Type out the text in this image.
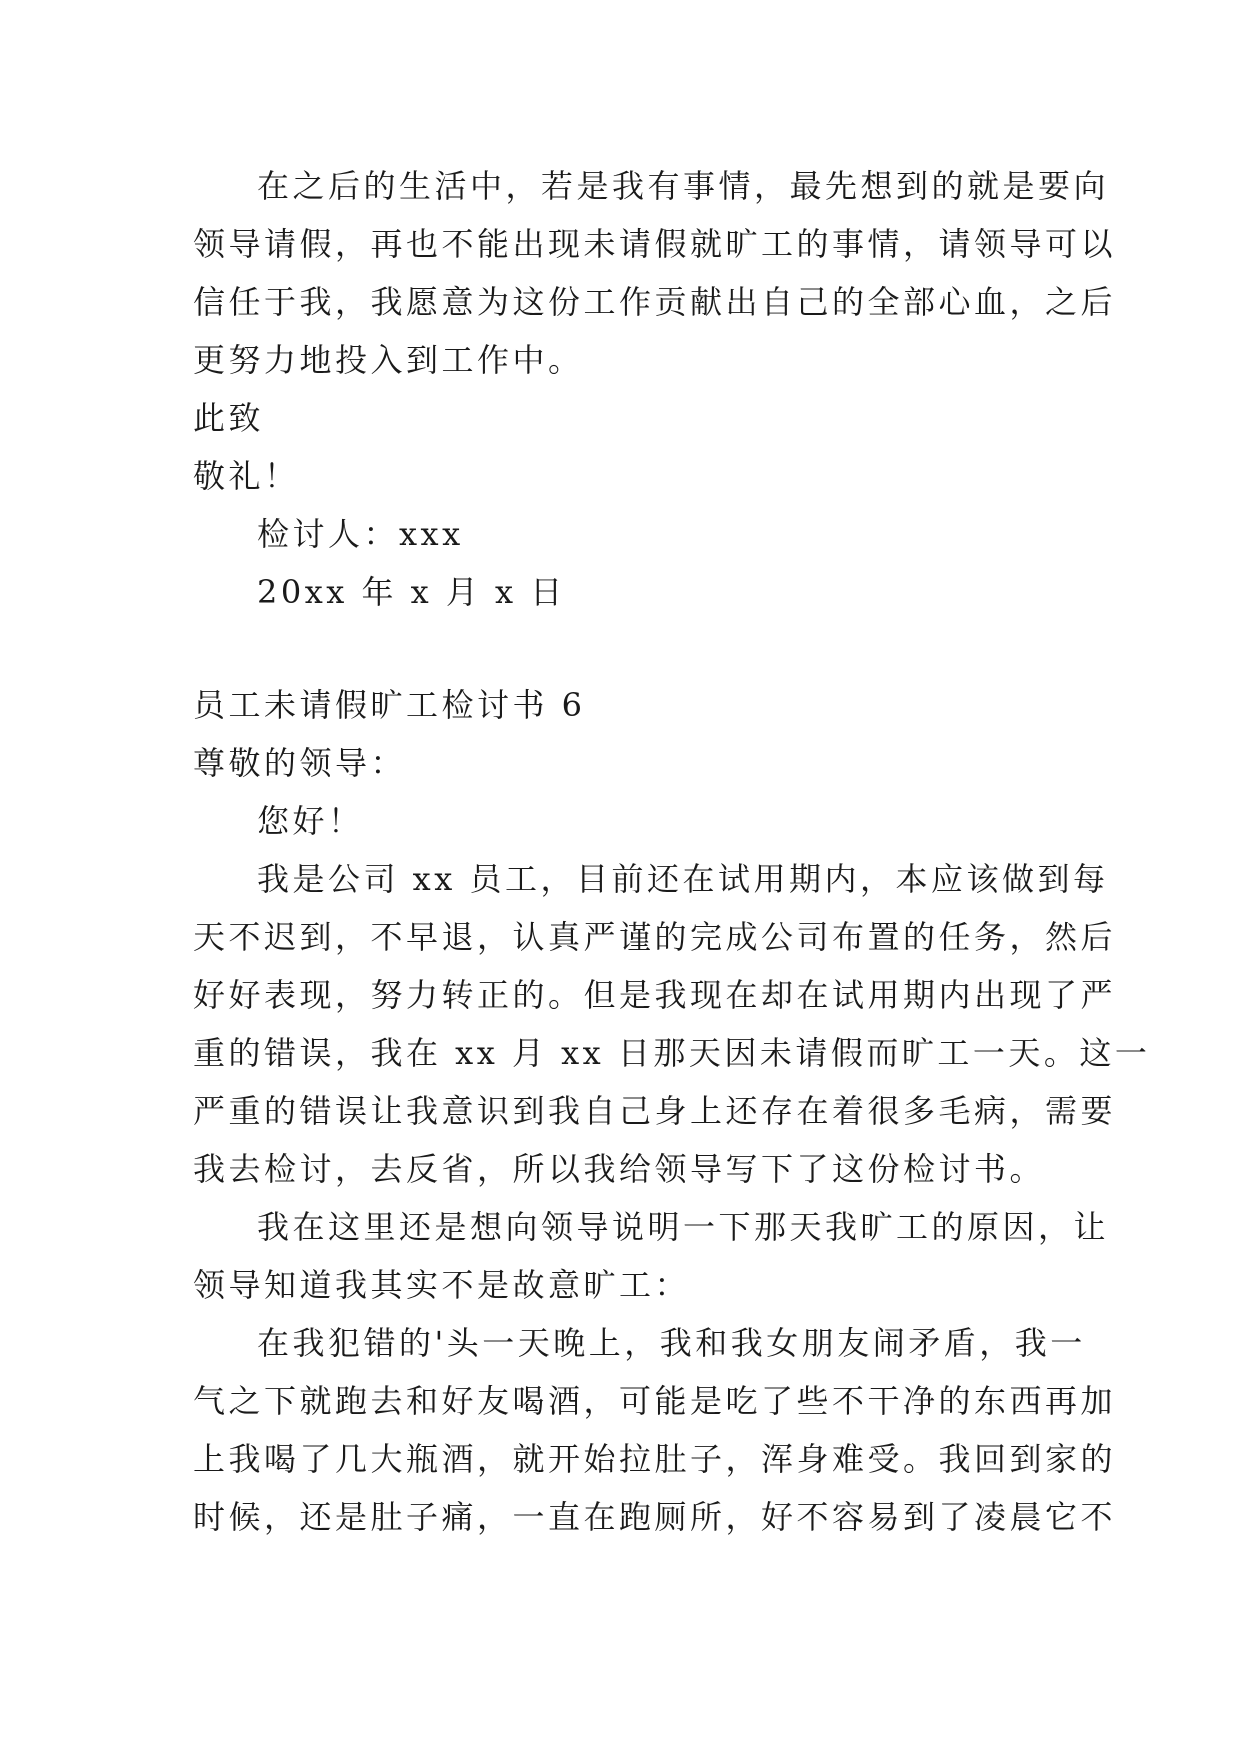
在之后的生活中，若是我有事情，最先想到的就是要向
领导请假，再也不能出现未请假就旷工的事情，请领导可以
信任于我，我愿意为这份工作贡献出自己的全部心血，之后
更努力地投入到工作中。
此致
敬礼！
检讨人：xxx
20xx 年 x 月 x 日
员工未请假旷工检讨书 6
尊敬的领导：
您好！
我是公司 xx 员工，目前还在试用期内，本应该做到每
天不迟到，不早退，认真严谨的完成公司布置的任务，然后
好好表现，努力转正的。但是我现在却在试用期内出现了严
重的错误，我在 xx 月 xx 日那天因未请假而旷工一天。这一
严重的错误让我意识到我自己身上还存在着很多毛病，需要
我去检讨，去反省，所以我给领导写下了这份检讨书。
我在这里还是想向领导说明一下那天我旷工的原因，让
领导知道我其实不是故意旷工：
在我犯错的'头一天晚上，我和我女朋友闹矛盾，我一
气之下就跑去和好友喝酒，可能是吃了些不干净的东西再加
上我喝了几大瓶酒，就开始拉肚子，浑身难受。我回到家的
时候，还是肚子痛，一直在跑厕所，好不容易到了凌晨它不
